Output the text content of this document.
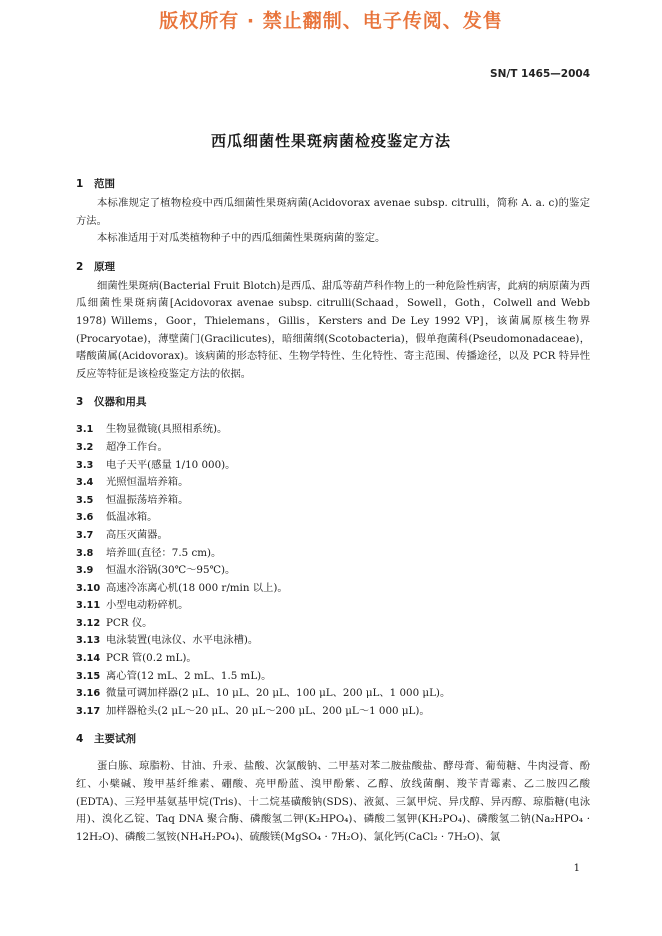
版权所有 · 禁止翻制、电子传阅、发售
SN/T 1465—2004
西瓜细菌性果斑病菌检疫鉴定方法
1 范围

本标准规定了植物检疫中西瓜细菌性果斑病菌(Acidovorax avenae subsp. citrulli，简称 A. a. c)的鉴定方法。

本标准适用于对瓜类植物种子中的西瓜细菌性果斑病菌的鉴定。

2 原理

细菌性果斑病(Bacterial Fruit Blotch)是西瓜、甜瓜等葫芦科作物上的一种危险性病害，此病的病原菌为西瓜细菌性果斑病菌[Acidovorax avenae subsp. citrulli(Schaad，Sowell，Goth，Colwell and Webb 1978) Willems，Goor，Thielemans，Gillis，Kersters and De Ley 1992 VP]，该菌属原核生物界(Procaryotae)，薄壁菌门(Gracilicutes)，暗细菌纲(Scotobacteria)，假单孢菌科(Pseudomonadaceae)，嗜酸菌属(Acidovorax)。该病菌的形态特征、生物学特性、生化特性、寄主范围、传播途径，以及 PCR 特异性反应等特征是该检疫鉴定方法的依据。

3 仪器和用具

3.1 生物显微镜(具照相系统)。

3.2 超净工作台。

3.3 电子天平(感量 1/10 000)。

3.4 光照恒温培养箱。

3.5 恒温振荡培养箱。

3.6 低温冰箱。

3.7 高压灭菌器。

3.8 培养皿(直径：7.5 cm)。

3.9 恒温水浴锅(30℃～95℃)。

3.10 高速冷冻离心机(18 000 r/min 以上)。

3.11 小型电动粉碎机。

3.12 PCR 仪。

3.13 电泳装置(电泳仪、水平电泳槽)。

3.14 PCR 管(0.2 mL)。

3.15 离心管(12 mL、2 mL、1.5 mL)。

3.16 微量可调加样器(2 μL、10 μL、20 μL、100 μL、200 μL、1 000 μL)。

3.17 加样器枪头(2 μL～20 μL、20 μL～200 μL、200 μL～1 000 μL)。

4 主要试剂

蛋白胨、琼脂粉、甘油、升汞、盐酸、次氯酸钠、二甲基对苯二胺盐酸盐、酵母膏、葡萄糖、牛肉浸膏、酚红、小檗碱、羧甲基纤维素、硼酸、亮甲酚蓝、溴甲酚紫、乙醇、放线菌酮、羧苄青霉素、乙二胺四乙酸(EDTA)、三羟甲基氨基甲烷(Tris)、十二烷基磺酸钠(SDS)、液氮、三氯甲烷、异戊醇、异丙醇、琼脂糖(电泳用)、溴化乙锭、Taq DNA 聚合酶、磷酸氢二钾(K₂HPO₄)、磷酸二氢钾(KH₂PO₄)、磷酸氢二钠(Na₂HPO₄ · 12H₂O)、磷酸二氢铵(NH₄H₂PO₄)、硫酸镁(MgSO₄ · 7H₂O)、氯化钙(CaCl₂ · 7H₂O)、氯

1
